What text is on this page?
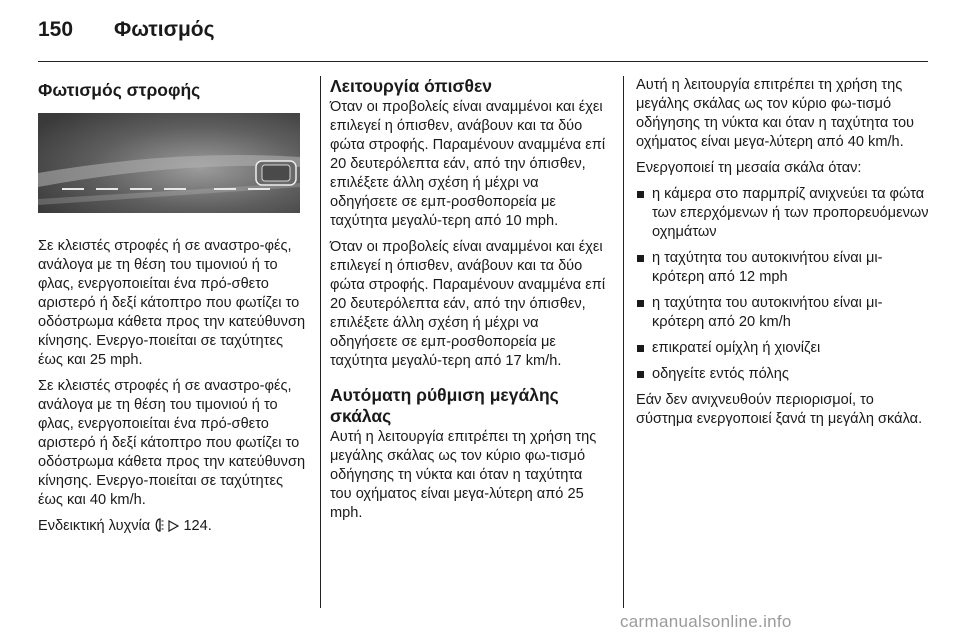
150 Φωτισμός
Φωτισμός στροφής

Σε κλειστές στροφές ή σε αναστρο-φές, ανάλογα με τη θέση του τιμονιού ή το φλας, ενεργοποιείται ένα πρό-σθετο αριστερό ή δεξί κάτοπτρο που φωτίζει το οδόστρωμα κάθετα προς την κατεύθυνση κίνησης. Ενεργο-ποιείται σε ταχύτητες έως και 25 mph.

Σε κλειστές στροφές ή σε αναστρο-φές, ανάλογα με τη θέση του τιμονιού ή το φλας, ενεργοποιείται ένα πρό-σθετο αριστερό ή δεξί κάτοπτρο που φωτίζει το οδόστρωμα κάθετα προς την κατεύθυνση κίνησης. Ενεργο-ποιείται σε ταχύτητες έως και 40 km/h.

Ενδεικτική λυχνία 124.

Λειτουργία όπισθεν

Όταν οι προβολείς είναι αναμμένοι και έχει επιλεγεί η όπισθεν, ανάβουν και τα δύο φώτα στροφής. Παραμένουν αναμμένα επί 20 δευτερόλεπτα εάν, από την όπισθεν, επιλέξετε άλλη σχέση ή μέχρι να οδηγήσετε σε εμπ-ροσθοπορεία με ταχύτητα μεγαλύ-τερη από 10 mph.

Όταν οι προβολείς είναι αναμμένοι και έχει επιλεγεί η όπισθεν, ανάβουν και τα δύο φώτα στροφής. Παραμένουν αναμμένα επί 20 δευτερόλεπτα εάν, από την όπισθεν, επιλέξετε άλλη σχέση ή μέχρι να οδηγήσετε σε εμπ-ροσθοπορεία με ταχύτητα μεγαλύ-τερη από 17 km/h.

Αυτόματη ρύθμιση μεγάλης σκάλας

Αυτή η λειτουργία επιτρέπει τη χρήση της μεγάλης σκάλας ως τον κύριο φω-τισμό οδήγησης τη νύκτα και όταν η ταχύτητα του οχήματος είναι μεγα-λύτερη από 25 mph.

Αυτή η λειτουργία επιτρέπει τη χρήση της μεγάλης σκάλας ως τον κύριο φω-τισμό οδήγησης τη νύκτα και όταν η ταχύτητα του οχήματος είναι μεγα-λύτερη από 40 km/h.

Ενεργοποιεί τη μεσαία σκάλα όταν:

η κάμερα στο παρμπρίζ ανιχνεύει τα φώτα των επερχόμενων ή των προπορευόμενων οχημάτων
η ταχύτητα του αυτοκινήτου είναι μι-κρότερη από 12 mph
η ταχύτητα του αυτοκινήτου είναι μι-κρότερη από 20 km/h
επικρατεί ομίχλη ή χιονίζει
οδηγείτε εντός πόλης

Εάν δεν ανιχνευθούν περιορισμοί, το σύστημα ενεργοποιεί ξανά τη μεγάλη σκάλα.

carmanualsonline.info
